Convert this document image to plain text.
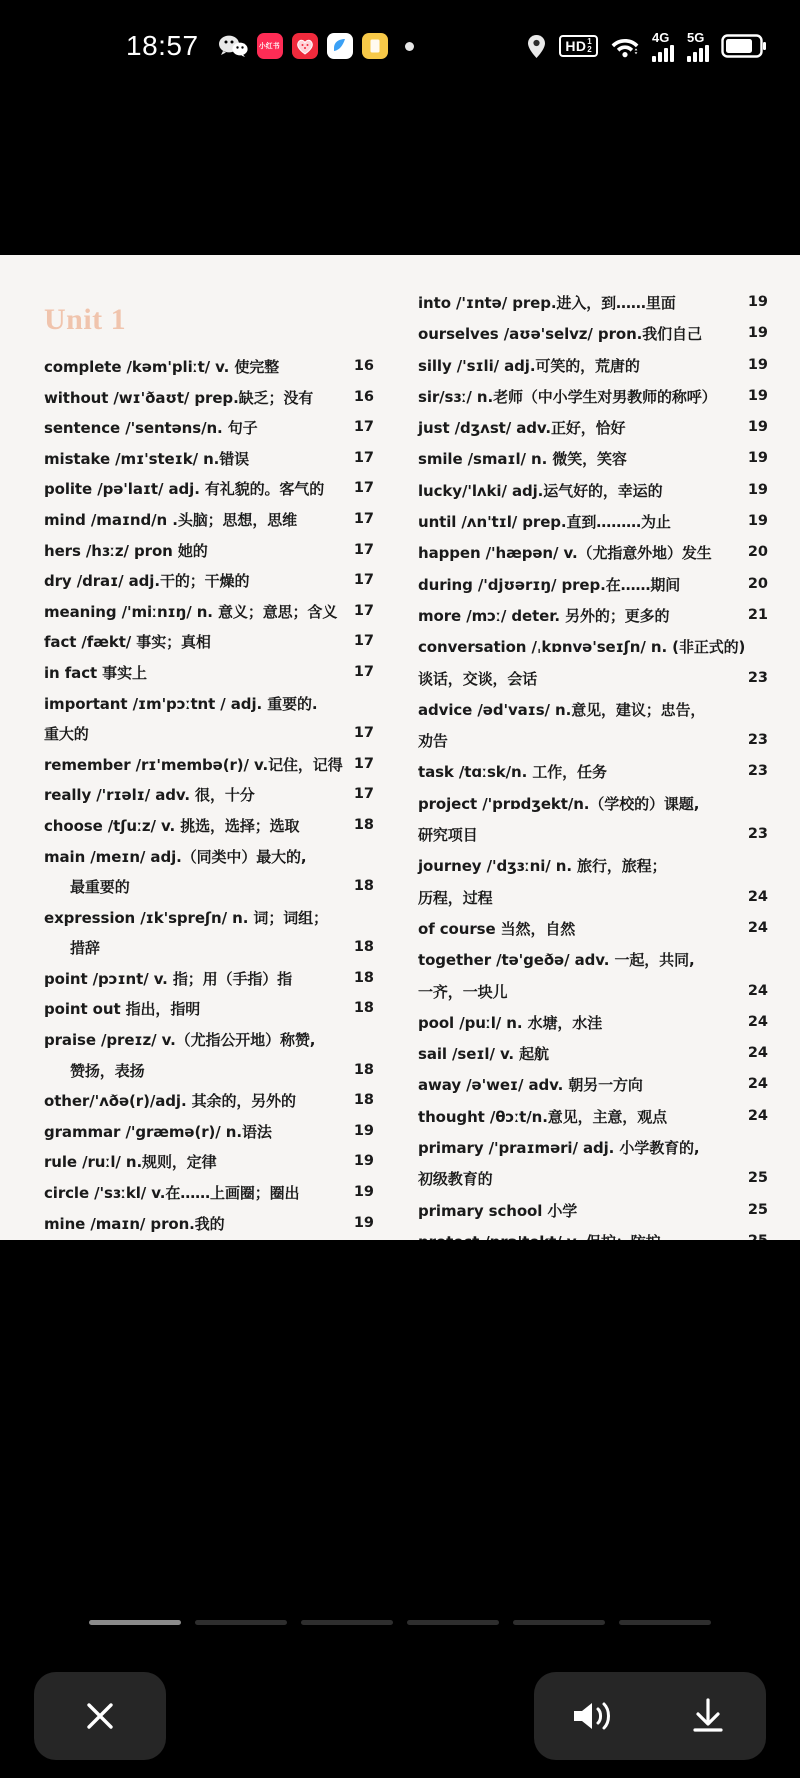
18:57	小红书	HD 1
2
4G 5G
Unit 1
complete /kəm'pliːt/ v. 使完整	16
without /wɪ'ðaʊt/ prep.缺乏；没有	16
sentence /'sentəns/n. 句子	17
mistake /mɪ'steɪk/ n.错误	17
polite /pə'laɪt/ adj. 有礼貌的。客气的 17
mind /maɪnd/n .头脑；思想，思维	17
hers /hɜːz/ pron 她的	17
dry /draɪ/ adj.干的；干燥的	17
meaning /'miːnɪŋ/ n. 意义；意思；含义 17
fact /fækt/ 事实；真相	17
in fact 事实上	17
important /ɪm'pɔːtnt / adj. 重要的.
重大的	17
remember /rɪ'membə(r)/ v.记住，记得 17
really /'rɪəlɪ/ adv. 很，十分	17
choose /tʃuːz/ v. 挑选，选择；选取	18
main /meɪn/ adj.（同类中）最大的,
最重要的	18
expression /ɪk'spreʃn/ n. 词；词组；
措辞	18
point /pɔɪnt/ v. 指；用（手指）指	18
point out 指出，指明	18
praise /preɪz/ v.（尤指公开地）称赞,
赞扬，表扬	18
other/'ʌðə(r)/adj. 其余的，另外的	18
grammar /'græmə(r)/ n.语法	19
rule /ruːl/ n.规则，定律	19
circle /'sɜːkl/ v.在……上画圈；圈出	19
mine /maɪn/ pron.我的	19
into /'ɪntə/ prep.进入，到……里面	19
ourselves /aʊə'selvz/ pron.我们自己	19
silly /'sɪli/ adj.可笑的，荒唐的	19
sir/sɜː/ n.老师（中小学生对男教师的称呼） 19
just /dʒʌst/ adv.正好，恰好	19
smile /smaɪl/ n. 微笑，笑容	19
lucky/'lʌki/ adj.运气好的，幸运的	19
until /ʌn'tɪl/ prep.直到………为止	19
happen /'hæpən/ v.（尤指意外地）发生 20
during /'djʊərɪŋ/ prep.在……期间	20
more /mɔː/ deter. 另外的；更多的	21
conversation /ˌkɒnvə'seɪʃn/ n. (非正式的)
谈话，交谈，会话	23
advice /əd'vaɪs/ n.意见，建议；忠告，
劝告	23
task /tɑːsk/n. 工作，任务	23
project /'prɒdʒekt/n.（学校的）课题,
研究项目	23
journey /'dʒɜːni/ n. 旅行，旅程；
历程，过程	24
of course 当然，自然	24
together /tə'geðə/ adv. 一起，共同,
一齐，一块儿	24
pool /puːl/ n. 水塘，水洼	24
sail /seɪl/ v. 起航	24
away /ə'weɪ/ adv. 朝另一方向	24
thought /θɔːt/n.意见，主意，观点	24
primary /'praɪməri/ adj. 小学教育的,
初级教育的	25
primary school 小学	25
